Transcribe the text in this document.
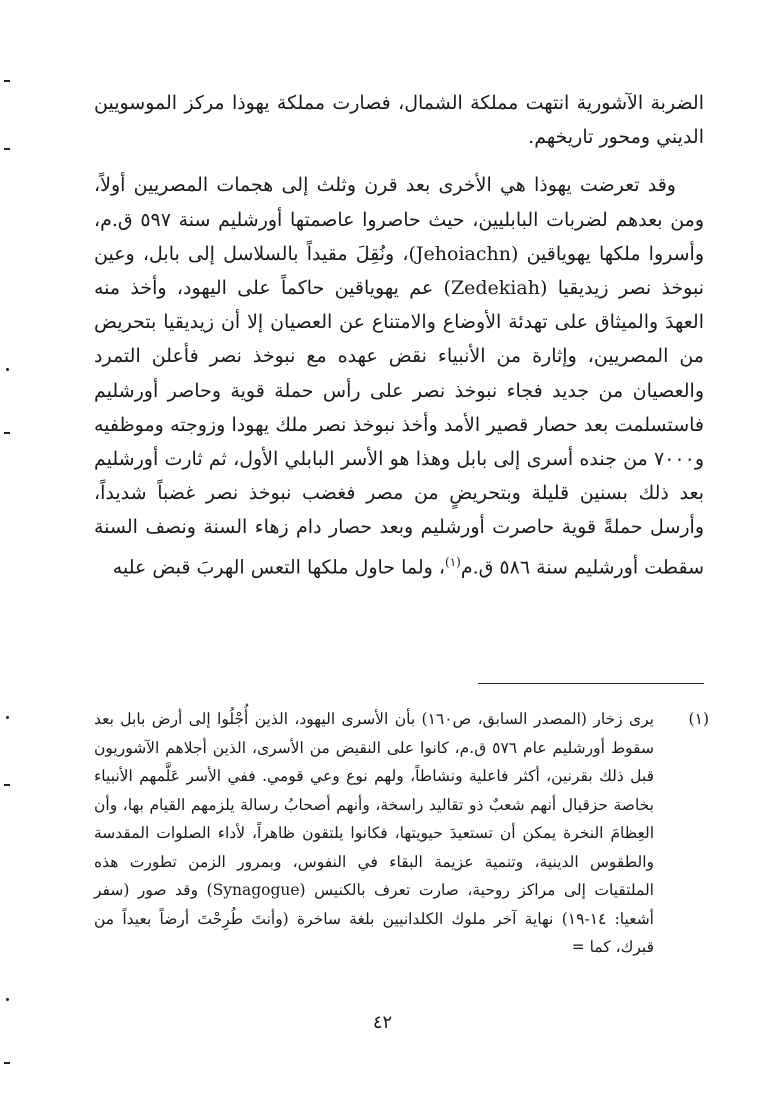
الضربة الآشورية انتهت مملكة الشمال، فصارت مملكة يهوذا مركز الموسويين الديني ومحور تاريخهم.

وقد تعرضت يهوذا هي الأخرى بعد قرن وثلث إلى هجمات المصريين أولاً، ومن بعدهم لضربات البابليين، حيث حاصروا عاصمتها أورشليم سنة ٥٩٧ ق.م، وأسروا ملكها يهوياقين (Jehoiachn)، ونُقِلَ مقيداً بالسلاسل إلى بابل، وعين نبوخذ نصر زيديقيا (Zedekiah) عم يهوياقين حاكماً على اليهود، وأخذ منه العهدَ والميثاق على تهدئة الأوضاع والامتناع عن العصيان إلا أن زيديقيا بتحريض من المصريين، وإثارة من الأنبياء نقض عهده مع نبوخذ نصر فأعلن التمرد والعصيان من جديد فجاء نبوخذ نصر على رأس حملة قوية وحاصر أورشليم فاستسلمت بعد حصار قصير الأمد وأخذ نبوخذ نصر ملك يهودا وزوجته وموظفيه و٧٠٠٠ من جنده أسرى إلى بابل وهذا هو الأسر البابلي الأول، ثم ثارت أورشليم بعد ذلك بسنين قليلة وبتحريضٍ من مصر فغضب نبوخذ نصر غضباً شديداً، وأرسل حملةً قوية حاصرت أورشليم وبعد حصار دام زهاء السنة ونصف السنة سقطت أورشليم سنة ٥٨٦ ق.م$^{(١)}$، ولما حاول ملكها التعس الهربَ قبض عليه

(١)
يرى زخار (المصدر السابق، ص١٦٠) بأن الأسرى اليهود، الذين أُجْلُوا إلى أرض بابل بعد سقوط أورشليم عام ٥٧٦ ق.م، كانوا على النقيض من الأسرى، الذين أجلاهم الآشوريون قبل ذلك بقرنين، أكثر فاعلية ونشاطاً، ولهم نوع وعي قومي. ففي الأسر عَلَّمهم الأنبياء بخاصة حزقيال أنهم شعبٌ ذو تقاليد راسخة، وأنهم أصحابُ رسالة يلزمهم القيام بها، وأن العِظامَ النخرة يمكن أن تستعيدَ حيويتها، فكانوا يلتقون ظاهراً، لأداء الصلوات المقدسة والطقوس الدينية، وتنمية عزيمة البقاء في النفوس، وبمرور الزمن تطورت هذه الملتقيات إلى مراكز روحية، صارت تعرف بالكنيس (Synagogue) وقد صور (سفر أشعيا: ١٤-١٩) نهاية آخر ملوك الكلدانيين بلغة ساخرة (وأنتَ طُرِحْتَ أرضاً بعيداً من قبرك، كما =
٤٢
